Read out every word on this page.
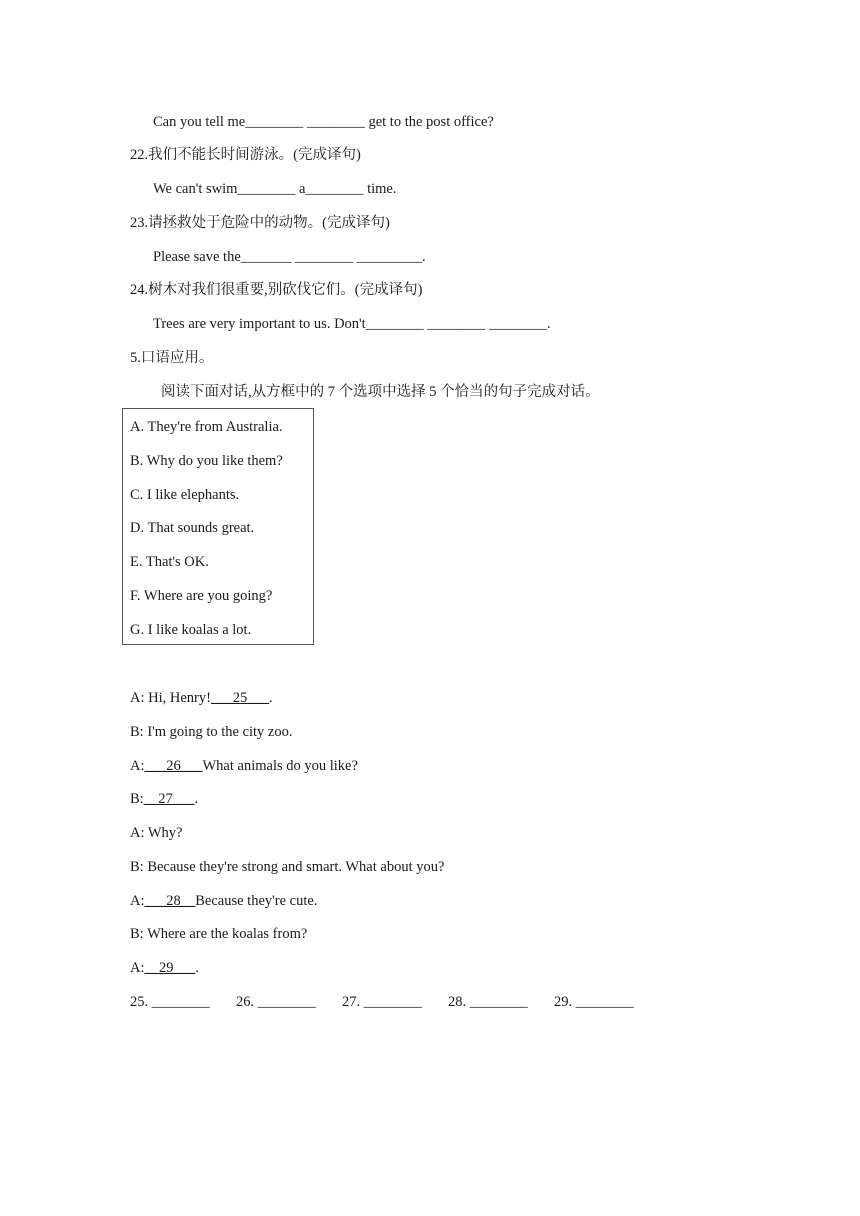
Can you tell me________ ________ get to the post office?
22.我们不能长时间游泳。(完成译句)
We can't swim________ a________ time.
23.请拯救处于危险中的动物。(完成译句)
Please save the_______ ________ _________.
24.树木对我们很重要,别砍伐它们。(完成译句)
Trees are very important to us. Don't________ ________ ________.
5.口语应用。
阅读下面对话,从方框中的 7 个选项中选择 5 个恰当的句子完成对话。
A. They're from Australia.
B. Why do you like them?
C. I like elephants.
D. That sounds great.
E. That's OK.
F. Where are you going?
G. I like koalas a lot.
A: Hi, Henry!___25___.
B: I'm going to the city zoo.
A:___26___What animals do you like?
B:__27___.
A: Why?
B: Because they're strong and smart. What about you?
A:___28__Because they're cute.
B: Where are the koalas from?
A:__29___.
25. ________ 26. ________ 27. ________ 28. ________ 29. ________
